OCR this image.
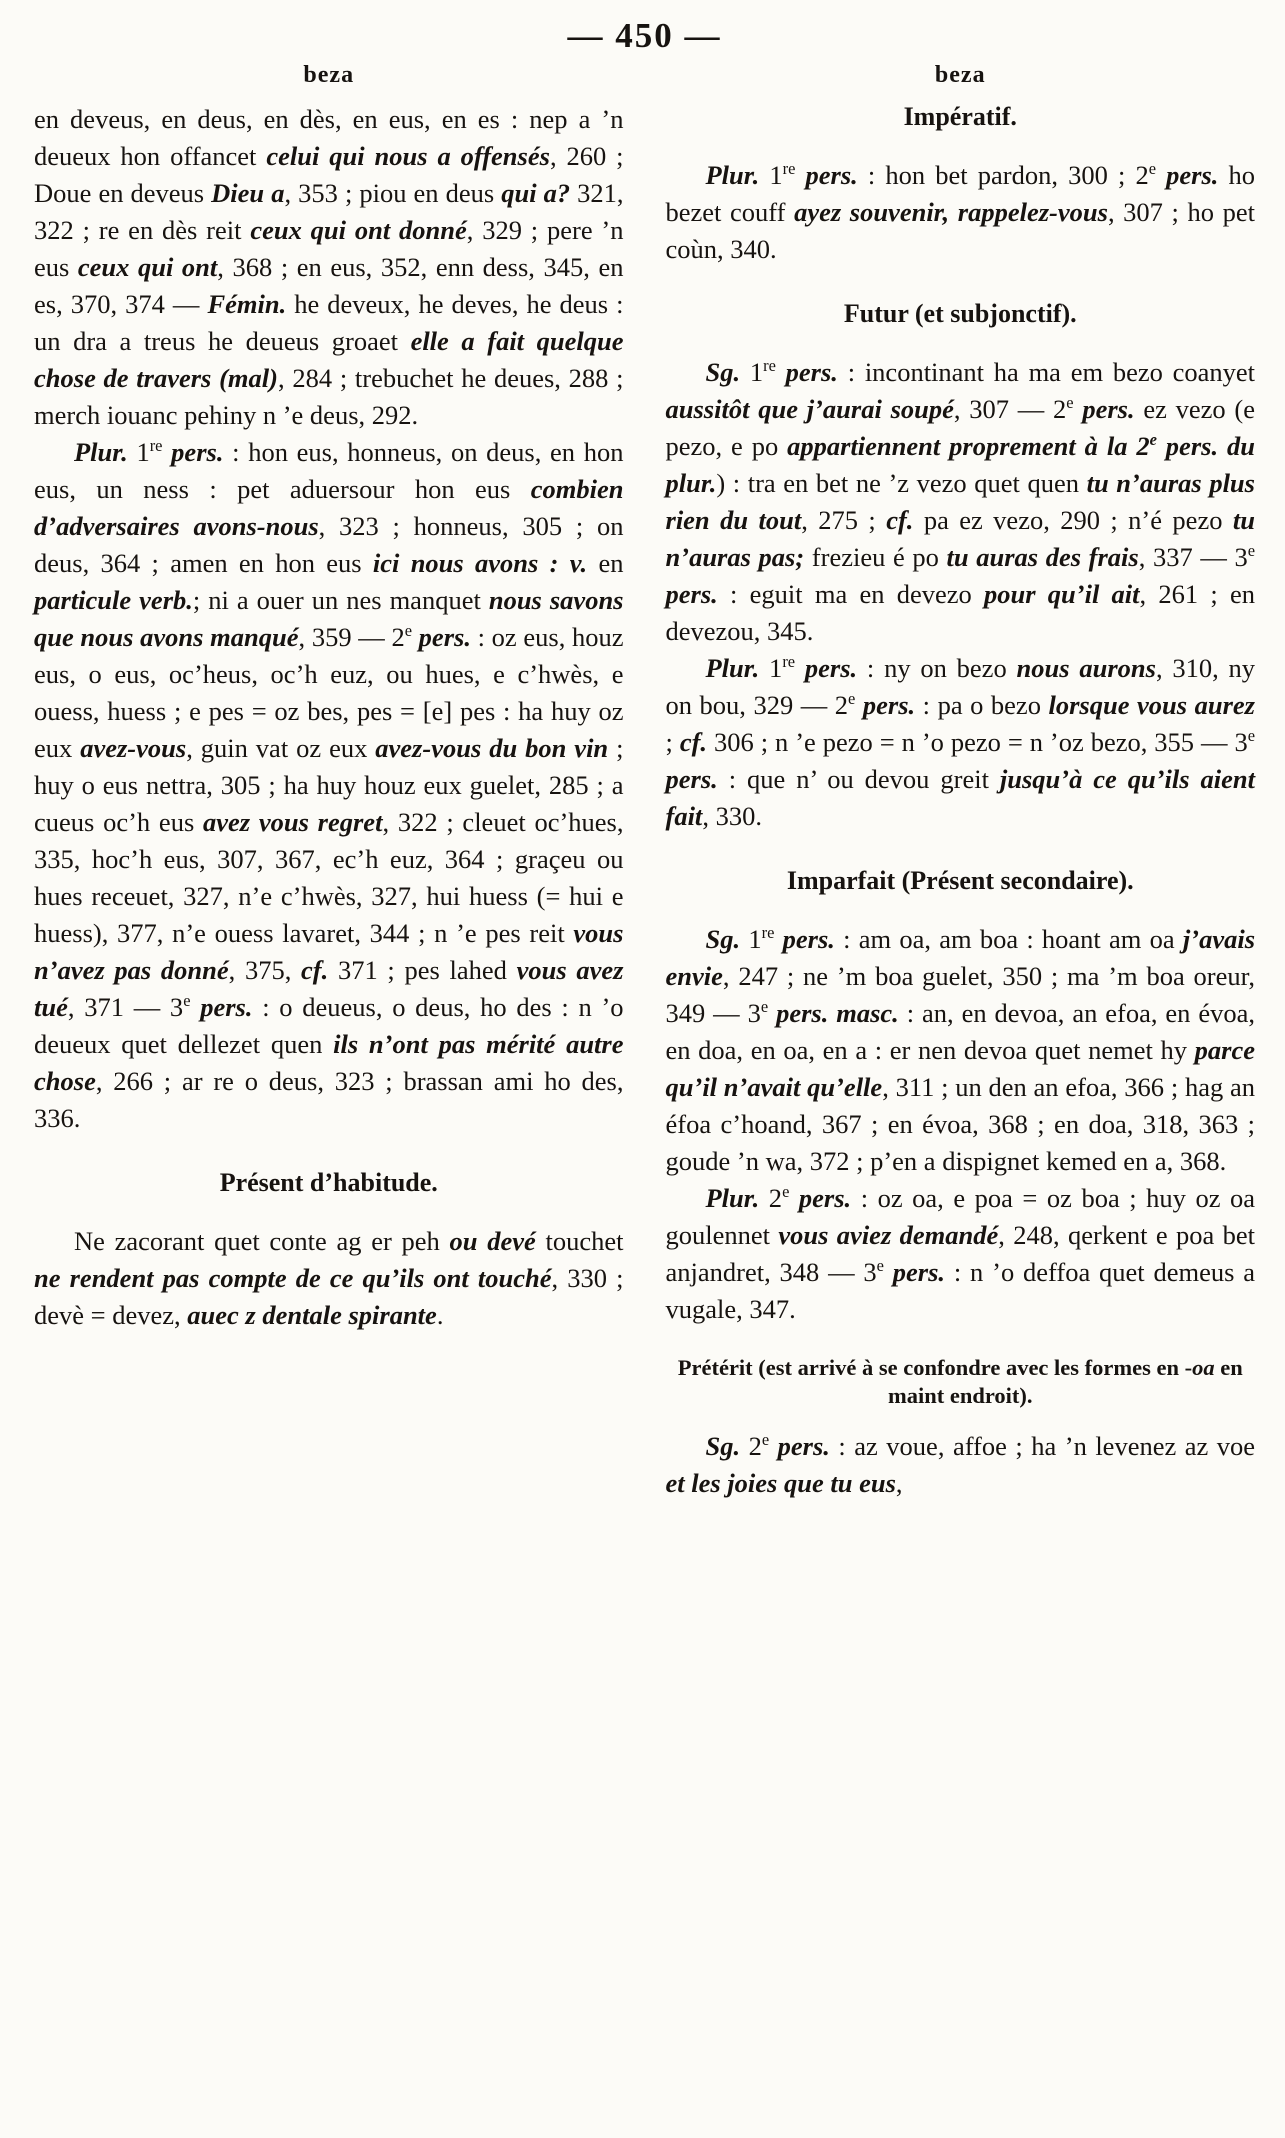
— 450 —
beza

en deveus, en deus, en dès, en eus, en es : nep a ’n deueux hon offancet celui qui nous a offensés, 260 ; Doue en deveus Dieu a, 353 ; piou en deus qui a? 321, 322 ; re en dès reit ceux qui ont donné, 329 ; pere ’n eus ceux qui ont, 368 ; en eus, 352, enn dess, 345, en es, 370, 374 — Fémin. he deveux, he deves, he deus : un dra a treus he deueus groaet elle a fait quelque chose de travers (mal), 284 ; trebuchet he deues, 288 ; merch iouanc pehiny n ’e deus, 292.

Plur. 1re pers. : hon eus, honneus, on deus, en hon eus, un ness : pet aduersour hon eus combien d’adversaires avons-nous, 323 ; honneus, 305 ; on deus, 364 ; amen en hon eus ici nous avons : v. en particule verb.; ni a ouer un nes manquet nous savons que nous avons manqué, 359 — 2e pers. : oz eus, houz eus, o eus, oc’heus, oc’h euz, ou hues, e c’hwès, e ouess, huess ; e pes = oz bes, pes = [e] pes : ha huy oz eux avez-vous, guin vat oz eux avez-vous du bon vin ; huy o eus nettra, 305 ; ha huy houz eux guelet, 285 ; a cueus oc’h eus avez vous regret, 322 ; cleuet oc’hues, 335, hoc’h eus, 307, 367, ec’h euz, 364 ; graçeu ou hues receuet, 327, n’e c’hwès, 327, hui huess (= hui e huess), 377, n’e ouess lavaret, 344 ; n ’e pes reit vous n’avez pas donné, 375, cf. 371 ; pes lahed vous avez tué, 371 — 3e pers. : o deueus, o deus, ho des : n ’o deueux quet dellezet quen ils n’ont pas mérité autre chose, 266 ; ar re o deus, 323 ; brassan ami ho des, 336.

Présent d’habitude.

Ne zacorant quet conte ag er peh ou devé touchet ne rendent pas compte de ce qu’ils ont touché, 330 ; devè = devez, auec z dentale spirante.

beza
Impératif.

Plur. 1re pers. : hon bet pardon, 300 ; 2e pers. ho bezet couff ayez souvenir, rappelez-vous, 307 ; ho pet coùn, 340.

Futur (et subjonctif).

Sg. 1re pers. : incontinant ha ma em bezo coanyet aussitôt que j’aurai soupé, 307 — 2e pers. ez vezo (e pezo, e po appartiennent proprement à la 2e pers. du plur.) : tra en bet ne ’z vezo quet quen tu n’auras plus rien du tout, 275 ; cf. pa ez vezo, 290 ; n’é pezo tu n’auras pas; frezieu é po tu auras des frais, 337 — 3e pers. : eguit ma en devezo pour qu’il ait, 261 ; en devezou, 345.

Plur. 1re pers. : ny on bezo nous aurons, 310, ny on bou, 329 — 2e pers. : pa o bezo lorsque vous aurez ; cf. 306 ; n ’e pezo = n ’o pezo = n ’oz bezo, 355 — 3e pers. : que n’ ou devou greit jusqu’à ce qu’ils aient fait, 330.

Imparfait (Présent secondaire).

Sg. 1re pers. : am oa, am boa : hoant am oa j’avais envie, 247 ; ne ’m boa guelet, 350 ; ma ’m boa oreur, 349 — 3e pers. masc. : an, en devoa, an efoa, en évoa, en doa, en oa, en a : er nen devoa quet nemet hy parce qu’il n’avait qu’elle, 311 ; un den an efoa, 366 ; hag an éfoa c’hoand, 367 ; en évoa, 368 ; en doa, 318, 363 ; goude ’n wa, 372 ; p’en a dispignet kemed en a, 368.

Plur. 2e pers. : oz oa, e poa = oz boa ; huy oz oa goulennet vous aviez demandé, 248, qerkent e poa bet anjandret, 348 — 3e pers. : n ’o deffoa quet demeus a vugale, 347.

Prétérit (est arrivé à se confondre avec les formes en -oa en maint endroit).

Sg. 2e pers. : az voue, affoe ; ha ’n levenez az voe et les joies que tu eus,
